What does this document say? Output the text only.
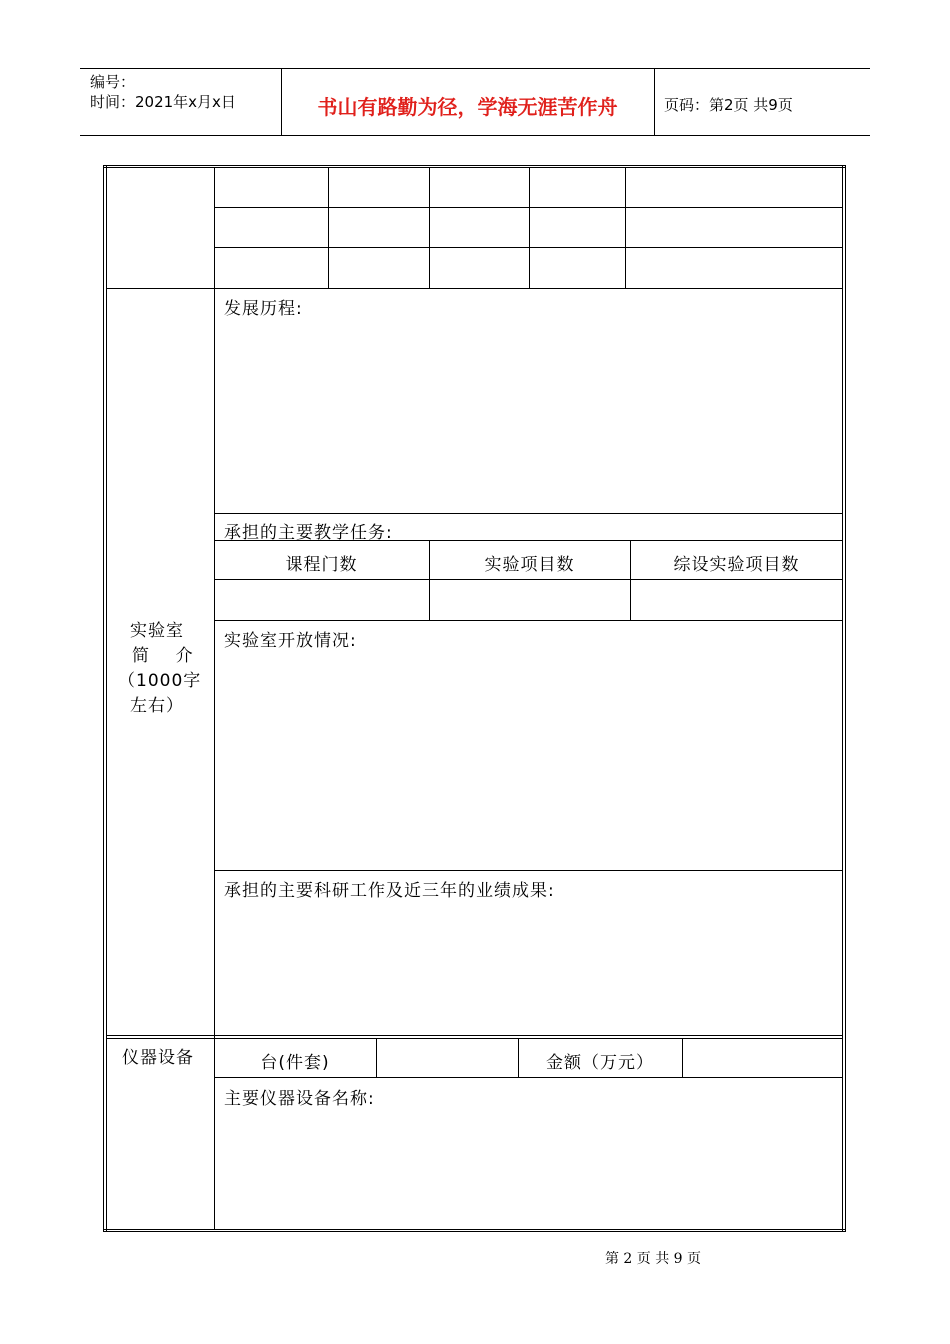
编号：
时间：2021年x月x日	书山有路勤为径，学海无涯苦作舟	页码：第2页 共9页
实验室
简    介
（1000字
左右）
发展历程:
承担的主要教学任务:
课程门数	实验项目数	综设实验项目数
实验室开放情况:
承担的主要科研工作及近三年的业绩成果:
仪器设备	台(件套)	金额（万元）
主要仪器设备名称:
第 2 页 共 9 页
